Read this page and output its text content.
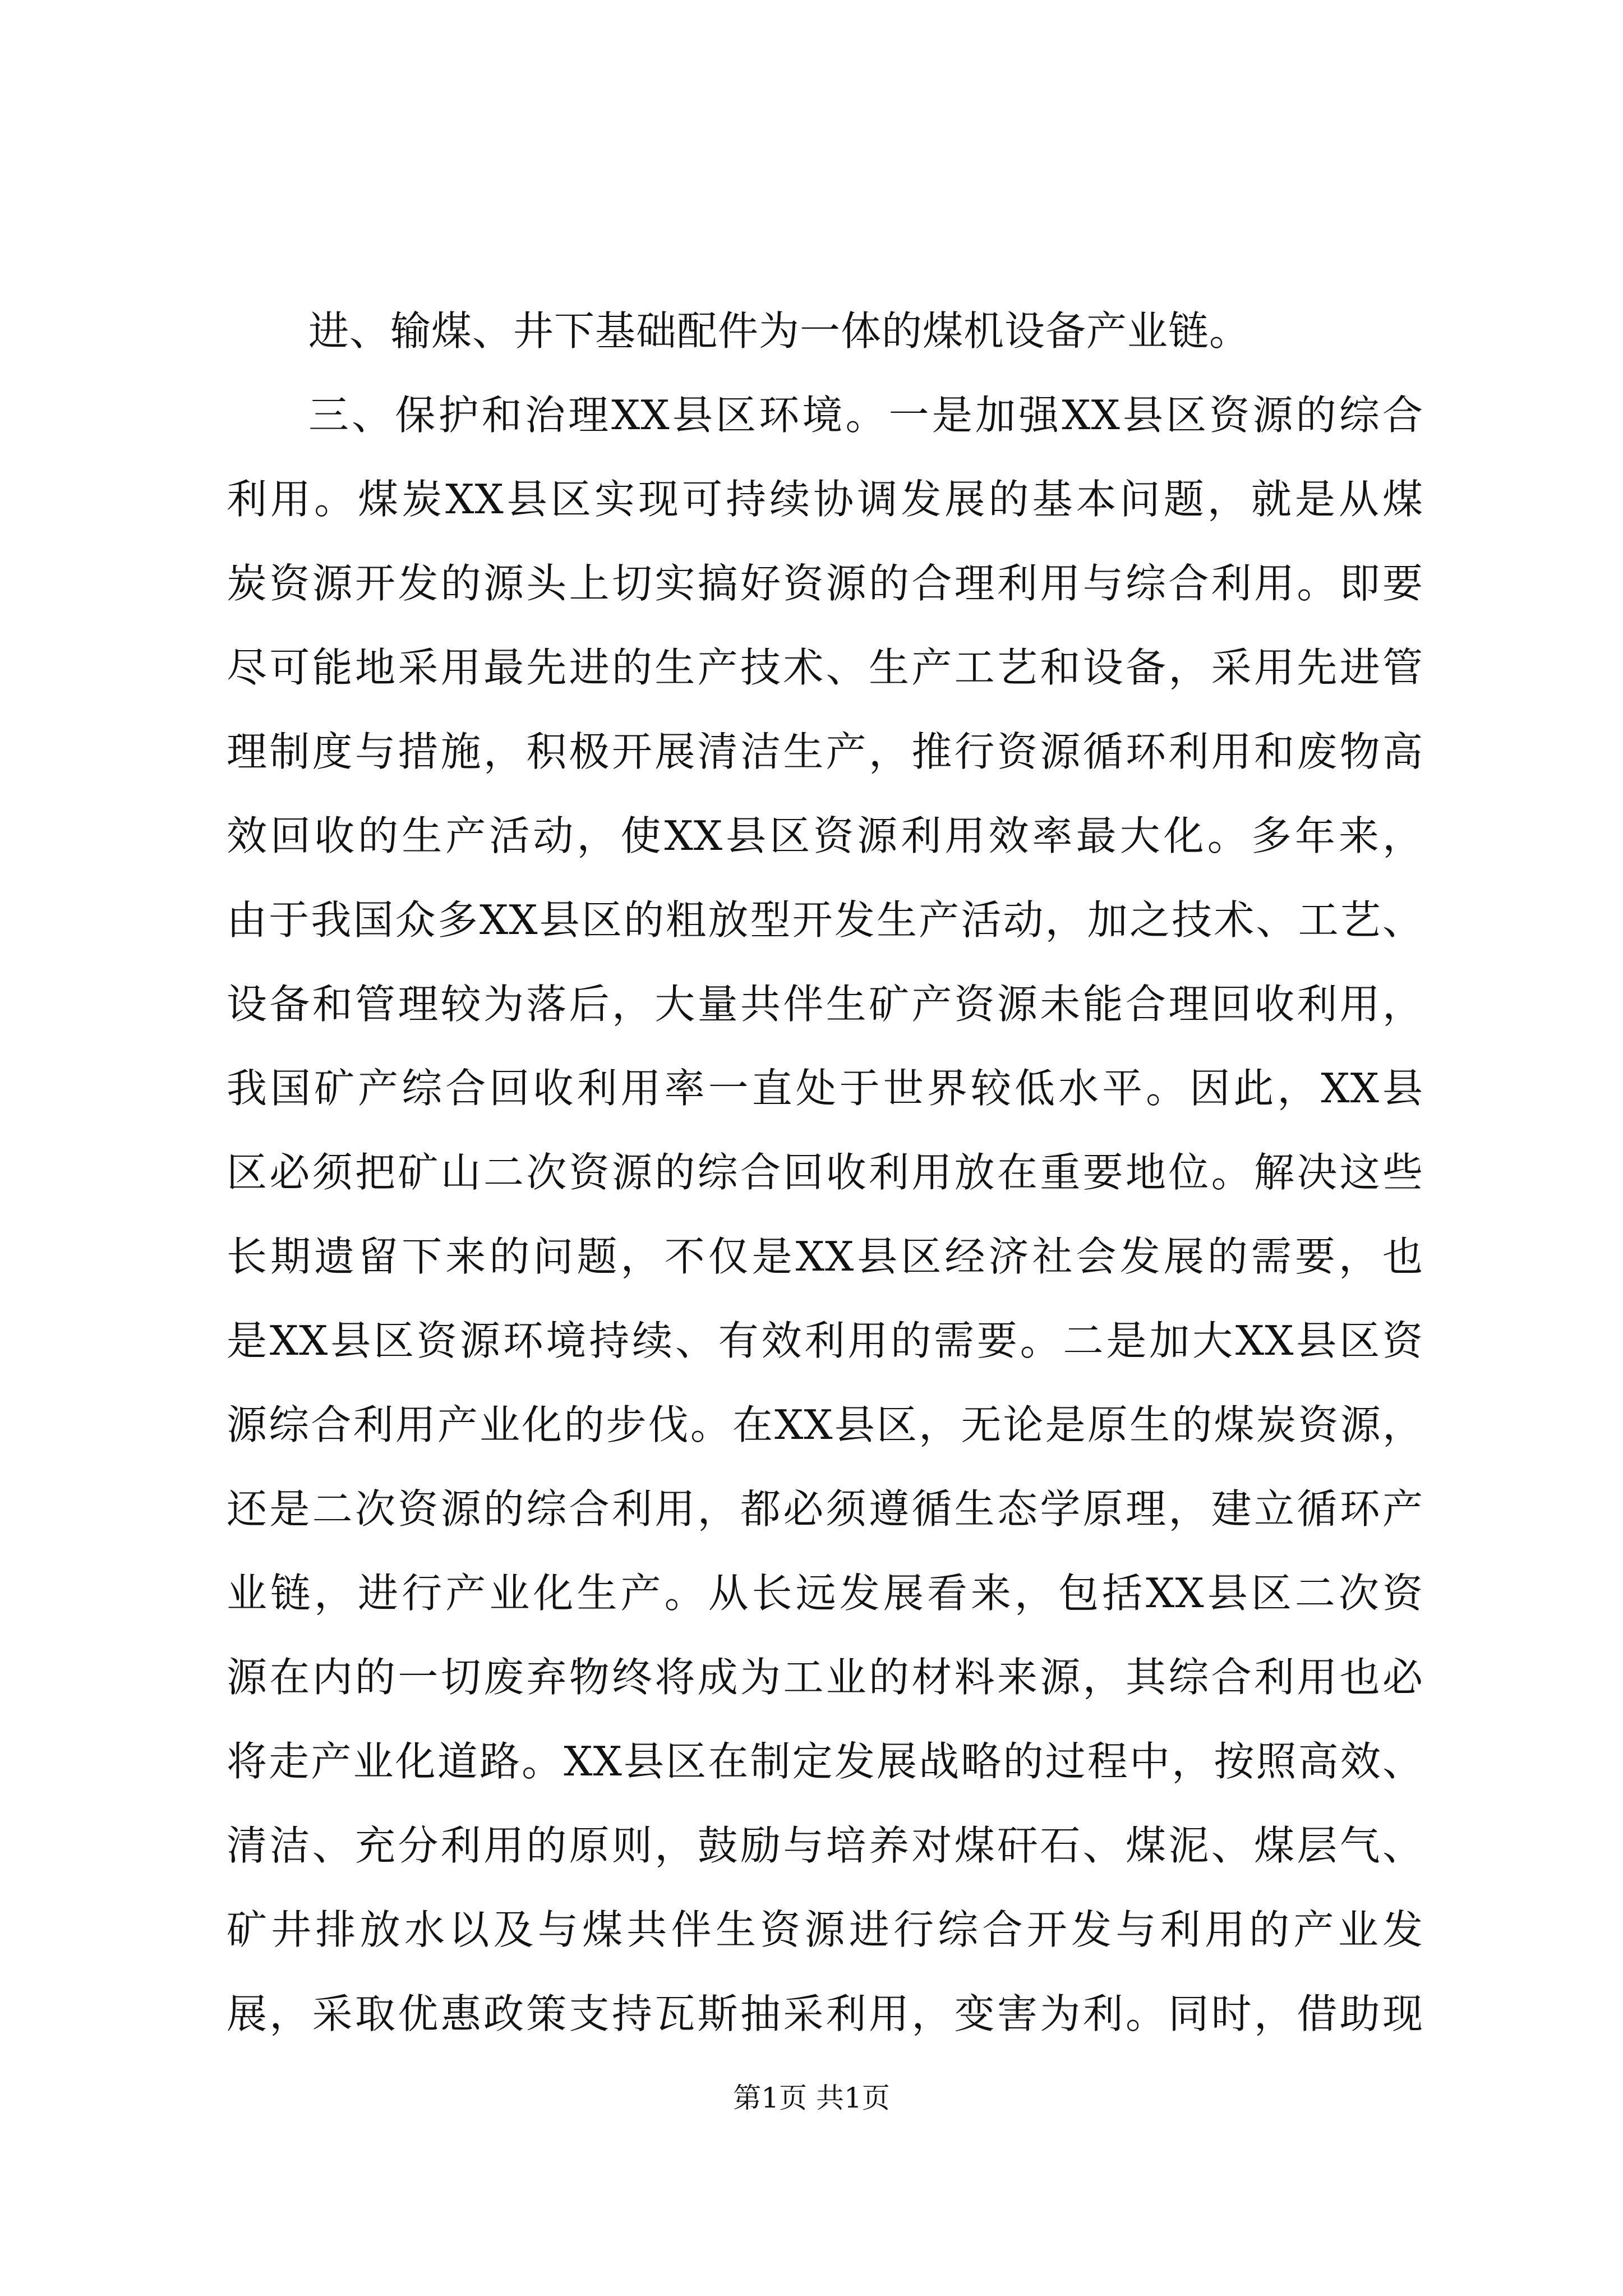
进、输煤、井下基础配件为一体的煤机设备产业链。
三、保护和治理XX县区环境。一是加强XX县区资源的综合
利用。煤炭XX县区实现可持续协调发展的基本问题，就是从煤
炭资源开发的源头上切实搞好资源的合理利用与综合利用。即要
尽可能地采用最先进的生产技术、生产工艺和设备，采用先进管
理制度与措施，积极开展清洁生产，推行资源循环利用和废物高
效回收的生产活动，使XX县区资源利用效率最大化。多年来，
由于我国众多XX县区的粗放型开发生产活动，加之技术、工艺、
设备和管理较为落后，大量共伴生矿产资源未能合理回收利用，
我国矿产综合回收利用率一直处于世界较低水平。因此，XX县
区必须把矿山二次资源的综合回收利用放在重要地位。解决这些
长期遗留下来的问题，不仅是XX县区经济社会发展的需要，也
是XX县区资源环境持续、有效利用的需要。二是加大XX县区资
源综合利用产业化的步伐。在XX县区，无论是原生的煤炭资源，
还是二次资源的综合利用，都必须遵循生态学原理，建立循环产
业链，进行产业化生产。从长远发展看来，包括XX县区二次资
源在内的一切废弃物终将成为工业的材料来源，其综合利用也必
将走产业化道路。XX县区在制定发展战略的过程中，按照高效、
清洁、充分利用的原则，鼓励与培养对煤矸石、煤泥、煤层气、
矿井排放水以及与煤共伴生资源进行综合开发与利用的产业发
展，采取优惠政策支持瓦斯抽采利用，变害为利。同时，借助现
第1页 共1页
